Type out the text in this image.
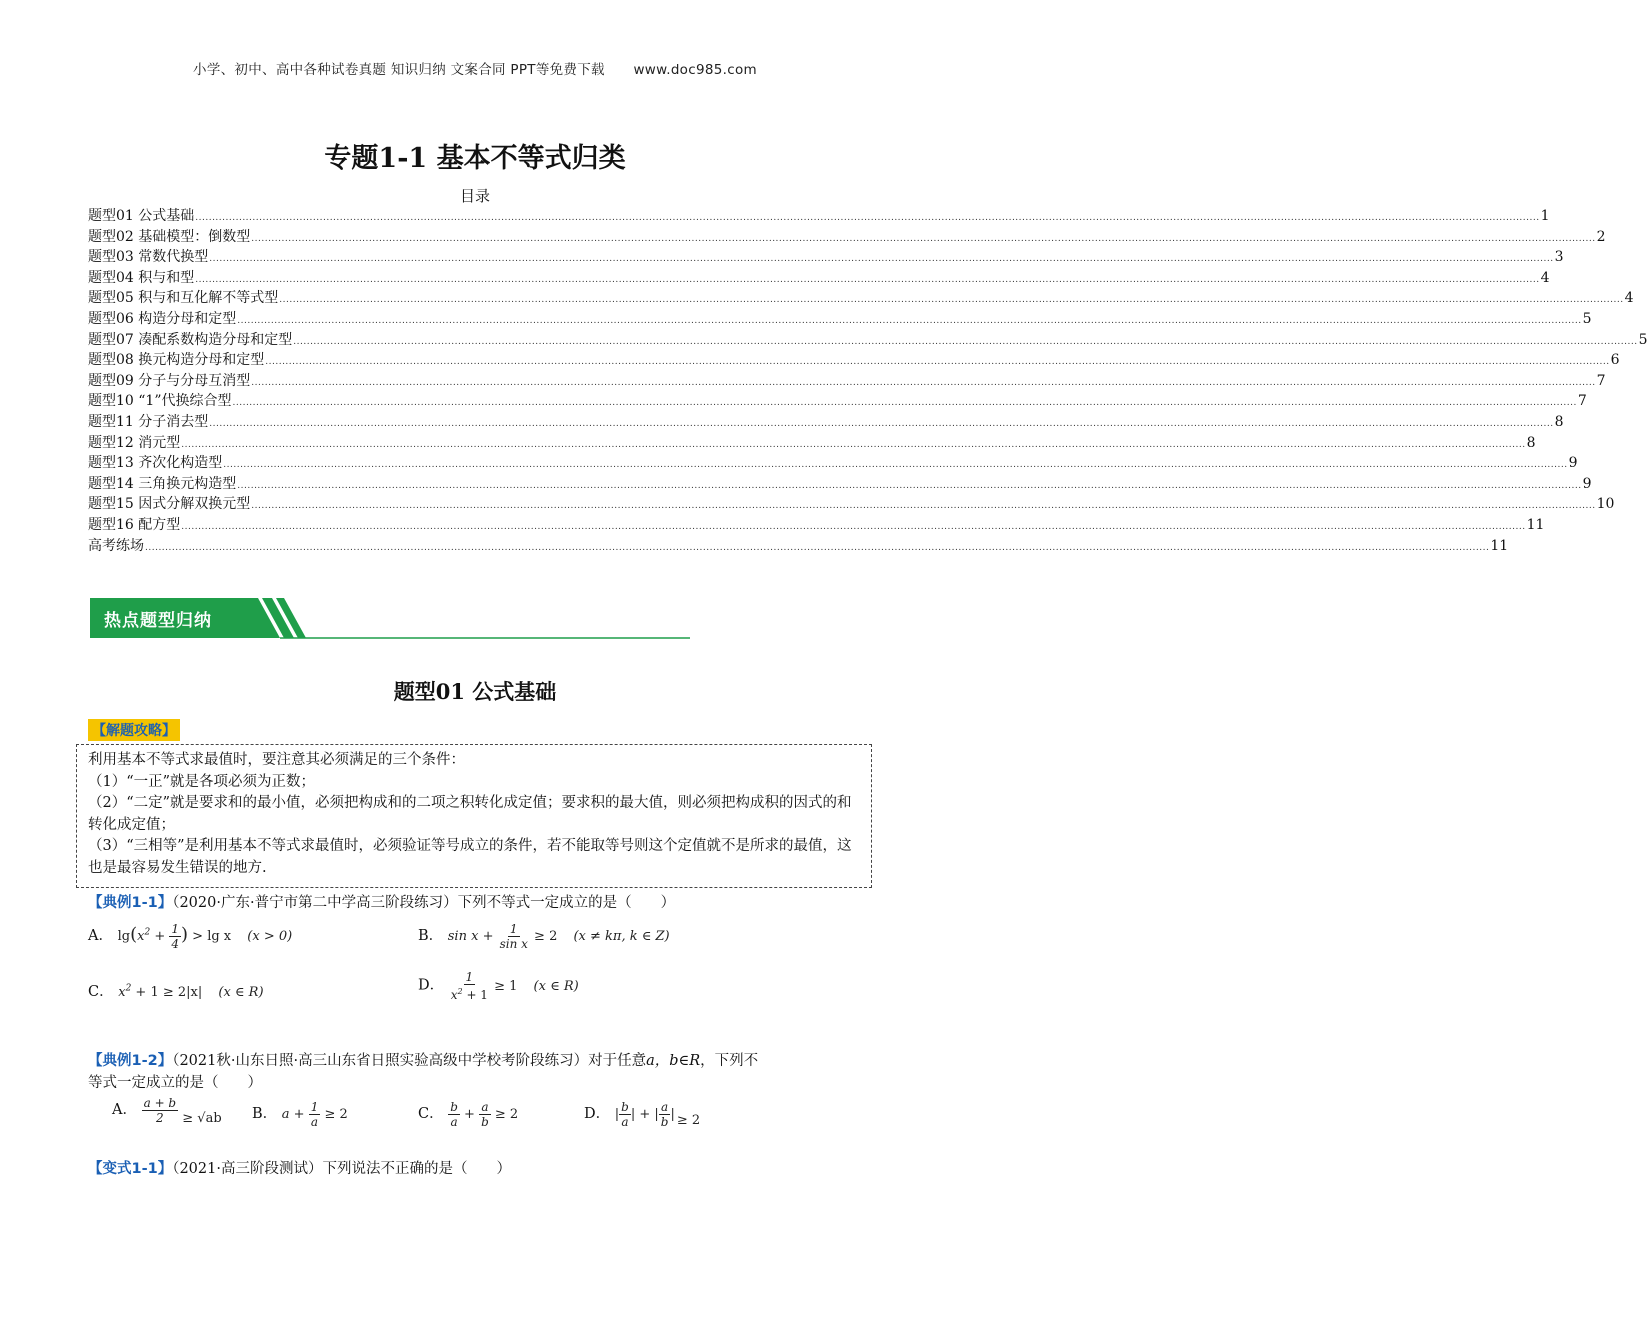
小学、初中、高中各种试卷真题 知识归纳 文案合同 PPT等免费下载 www.doc985.com
专题1-1 基本不等式归类
目录
题型01 公式基础 ................................................................................................................................................................................................................................................................................................................................................................................................................ 1
题型02 基础模型：倒数型 ................................................................................................................................................................................................................................................................................................................................................................................................................ 2
题型03 常数代换型 ................................................................................................................................................................................................................................................................................................................................................................................................................ 3
题型04 积与和型 ................................................................................................................................................................................................................................................................................................................................................................................................................ 4
题型05 积与和互化解不等式型 ................................................................................................................................................................................................................................................................................................................................................................................................................ 4
题型06 构造分母和定型 ................................................................................................................................................................................................................................................................................................................................................................................................................ 5
题型07 凑配系数构造分母和定型 ................................................................................................................................................................................................................................................................................................................................................................................................................ 5
题型08 换元构造分母和定型 ................................................................................................................................................................................................................................................................................................................................................................................................................ 6
题型09 分子与分母互消型 ................................................................................................................................................................................................................................................................................................................................................................................................................ 7
题型10 “1”代换综合型 ................................................................................................................................................................................................................................................................................................................................................................................................................ 7
题型11 分子消去型 ................................................................................................................................................................................................................................................................................................................................................................................................................ 8
题型12 消元型 ................................................................................................................................................................................................................................................................................................................................................................................................................ 8
题型13 齐次化构造型 ................................................................................................................................................................................................................................................................................................................................................................................................................ 9
题型14 三角换元构造型 ................................................................................................................................................................................................................................................................................................................................................................................................................ 9
题型15 因式分解双换元型 ................................................................................................................................................................................................................................................................................................................................................................................................................ 10
题型16 配方型 ................................................................................................................................................................................................................................................................................................................................................................................................................ 11
高考练场 ................................................................................................................................................................................................................................................................................................................................................................................................................ 11
热点题型归纳
题型01 公式基础
【解题攻略】
利用基本不等式求最值时，要注意其必须满足的三个条件：
（1）“一正”就是各项必须为正数；
（2）“二定”就是要求和的最小值，必须把构成和的二项之积转化成定值；要求积的最大值，则必须把构成积的因式的和转化成定值；
（3）“三相等”是利用基本不等式求最值时，必须验证等号成立的条件，若不能取等号则这个定值就不是所求的最值，这也是最容易发生错误的地方.
【典例1-1】（2020·广东·普宁市第二中学高三阶段练习）下列不等式一定成立的是（　　）
A． $\lg(x^2 + \frac{1}{4}$ ) > lg x (x > 0)	B． $\sin x + \frac{1}{\text{sin x}} \ge 2$ (x ≠ kπ, k ∈ Z)
C． $x^2 + 1 \ge 2|x|$ (x ∈ R)	D． $\frac{1}{x^2 + 1} \ge 1$ (x ∈ R)
【典例1-2】（2021秋·山东日照·高三山东省日照实验高级中学校考阶段练习）对于任意a，b∈R，下列不
等式一定成立的是（　　）
A． $\frac{a + b}{2} \ge √ab$ B． $a + \frac{1}{a} \ge 2$	C． $\frac{b}{a} + \frac{a}{b} \ge 2$	D． | $\frac{b}{a}$ | + | $\frac{a}{b}$ | ≥ 2
【变式1-1】（2021·高三阶段测试）下列说法不正确的是（　　）
